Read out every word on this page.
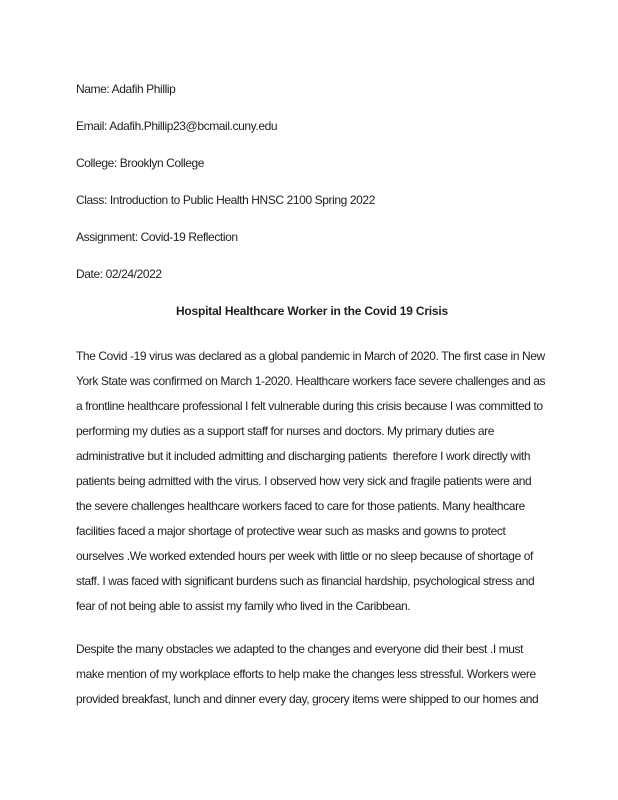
Name: Adafih Phillip
Email: Adafih.Phillip23@bcmail.cuny.edu
College: Brooklyn College
Class: Introduction to Public Health HNSC 2100 Spring 2022
Assignment: Covid-19 Reflection
Date: 02/24/2022
Hospital Healthcare Worker in the Covid 19 Crisis
The Covid -19 virus was declared as a global pandemic in March of 2020. The first case in New
York State was confirmed on March 1-2020. Healthcare workers face severe challenges and as
a frontline healthcare professional I felt vulnerable during this crisis because I was committed to
performing my duties as a support staff for nurses and doctors. My primary duties are
administrative but it included admitting and discharging patients  therefore I work directly with
patients being admitted with the virus. I observed how very sick and fragile patients were and
the severe challenges healthcare workers faced to care for those patients. Many healthcare
facilities faced a major shortage of protective wear such as masks and gowns to protect
ourselves .We worked extended hours per week with little or no sleep because of shortage of
staff. I was faced with significant burdens such as financial hardship, psychological stress and
fear of not being able to assist my family who lived in the Caribbean.
Despite the many obstacles we adapted to the changes and everyone did their best .I must
make mention of my workplace efforts to help make the changes less stressful. Workers were
provided breakfast, lunch and dinner every day, grocery items were shipped to our homes and
